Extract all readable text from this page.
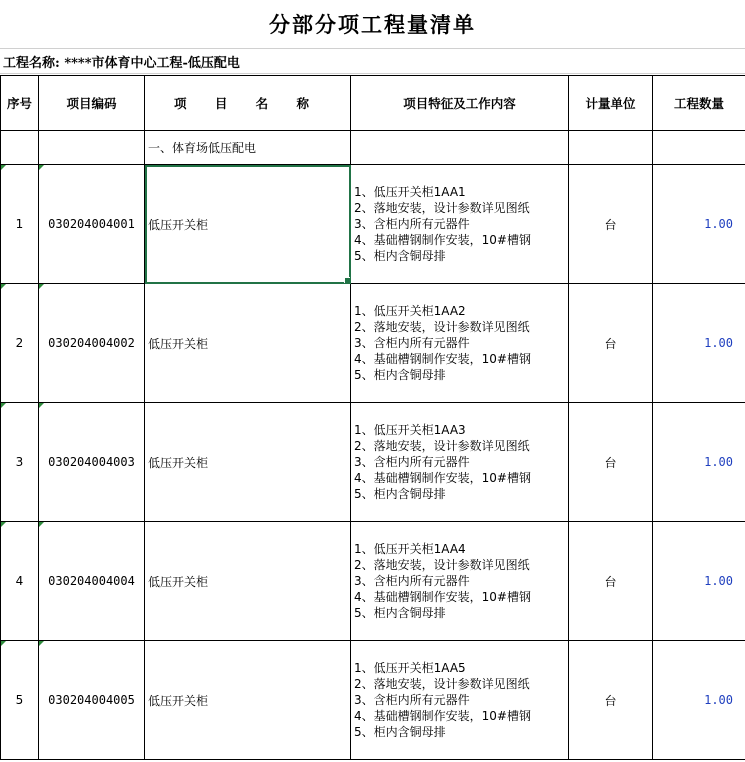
分部分项工程量清单
工程名称: ****市体育中心工程-低压配电
序号	项目编码	项 目 名 称	项目特征及工作内容	计量单位	工程数量
		一、体育场低压配电			

1	030204004001	低压开关柜	1、低压开关柜1AA1
2、落地安装，设计参数详见图纸
3、含柜内所有元器件
4、基础槽钢制作安装，10#槽钢
5、柜内含铜母排	台	1.00

2	030204004002	低压开关柜	1、低压开关柜1AA2
2、落地安装，设计参数详见图纸
3、含柜内所有元器件
4、基础槽钢制作安装，10#槽钢
5、柜内含铜母排	台	1.00

3	030204004003	低压开关柜	1、低压开关柜1AA3
2、落地安装，设计参数详见图纸
3、含柜内所有元器件
4、基础槽钢制作安装，10#槽钢
5、柜内含铜母排	台	1.00

4	030204004004	低压开关柜	1、低压开关柜1AA4
2、落地安装，设计参数详见图纸
3、含柜内所有元器件
4、基础槽钢制作安装，10#槽钢
5、柜内含铜母排	台	1.00

5	030204004005	低压开关柜	1、低压开关柜1AA5
2、落地安装，设计参数详见图纸
3、含柜内所有元器件
4、基础槽钢制作安装，10#槽钢
5、柜内含铜母排	台	1.00
